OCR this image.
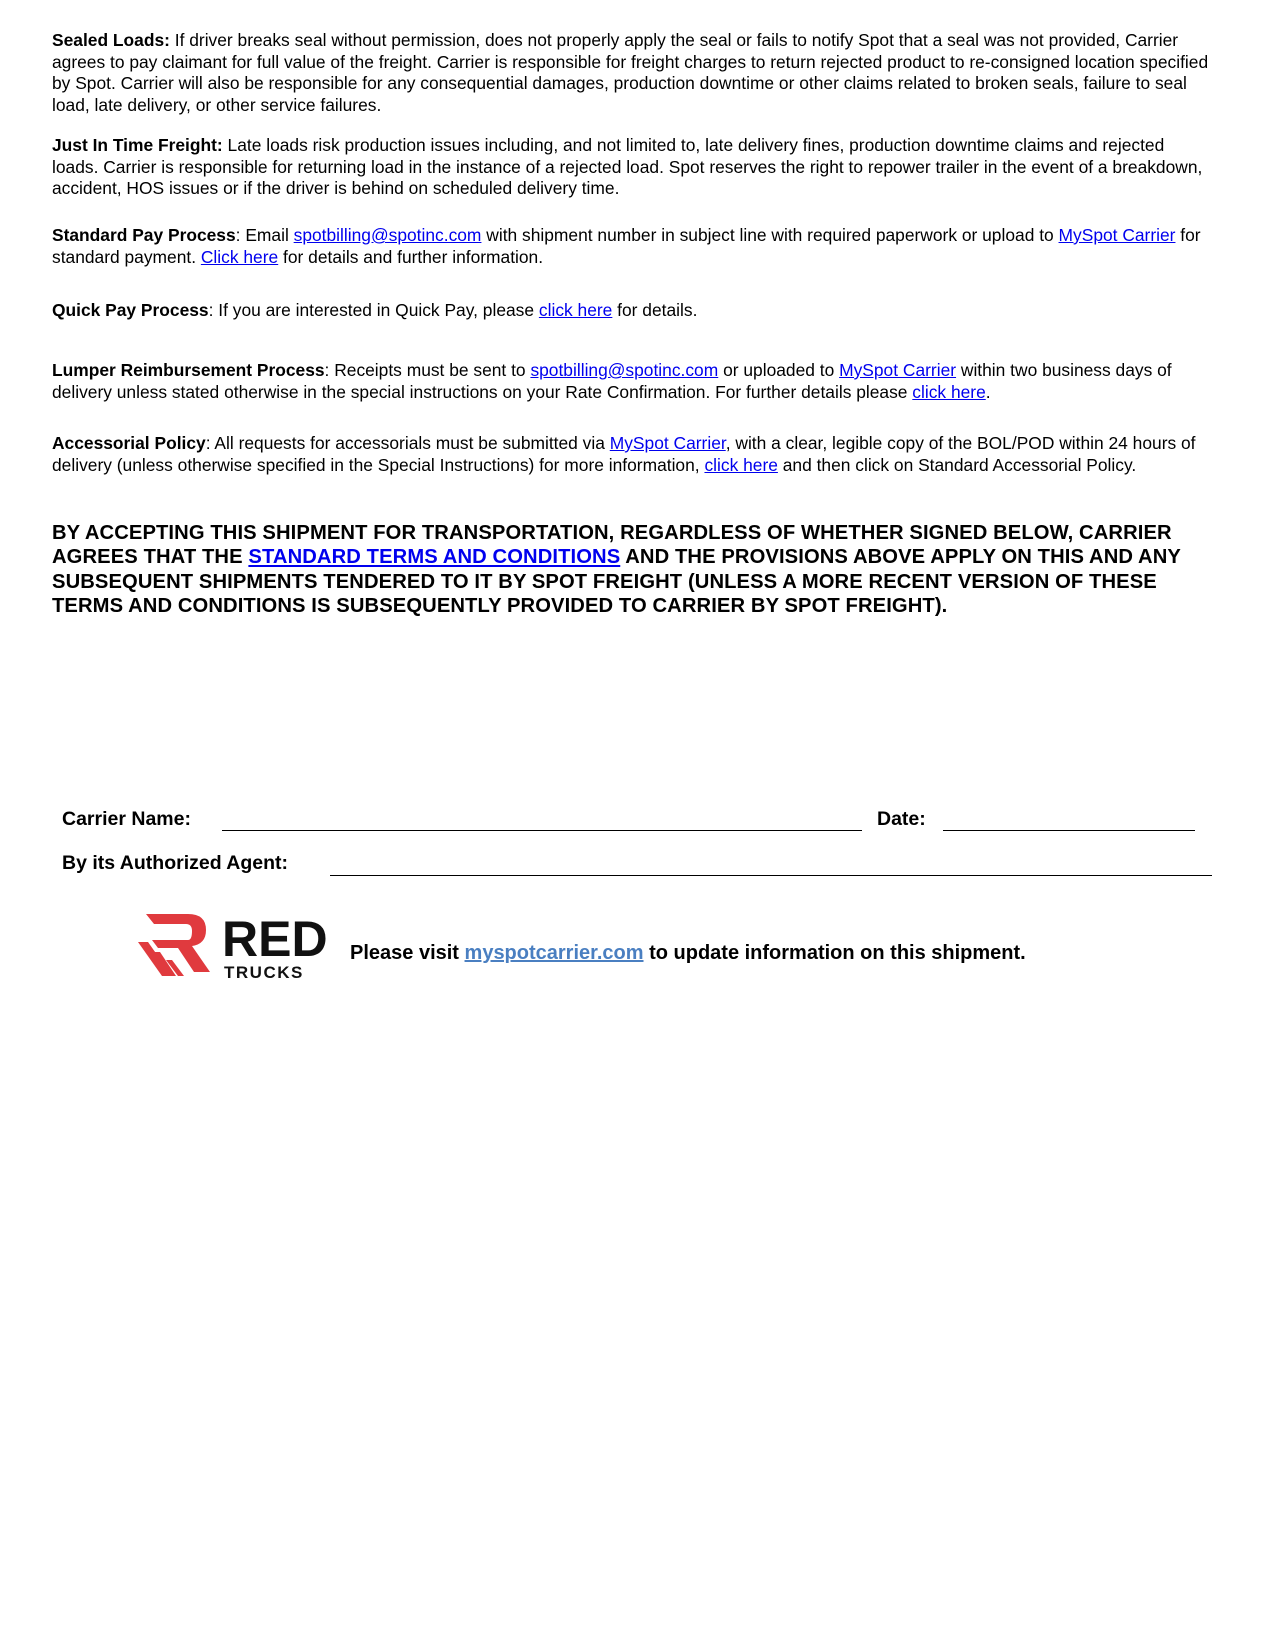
Sealed Loads: If driver breaks seal without permission, does not properly apply the seal or fails to notify Spot that a seal was not provided, Carrier agrees to pay claimant for full value of the freight. Carrier is responsible for freight charges to return rejected product to re-consigned location specified by Spot. Carrier will also be responsible for any consequential damages, production downtime or other claims related to broken seals, failure to seal load, late delivery, or other service failures.

Just In Time Freight: Late loads risk production issues including, and not limited to, late delivery fines, production downtime claims and rejected loads. Carrier is responsible for returning load in the instance of a rejected load. Spot reserves the right to repower trailer in the event of a breakdown, accident, HOS issues or if the driver is behind on scheduled delivery time.

Standard Pay Process: Email spotbilling@spotinc.com with shipment number in subject line with required paperwork or upload to MySpot Carrier for standard payment. Click here for details and further information.

Quick Pay Process: If you are interested in Quick Pay, please click here for details.

Lumper Reimbursement Process: Receipts must be sent to spotbilling@spotinc.com or uploaded to MySpot Carrier within two business days of delivery unless stated otherwise in the special instructions on your Rate Confirmation. For further details please click here.

Accessorial Policy: All requests for accessorials must be submitted via MySpot Carrier, with a clear, legible copy of the BOL/POD within 24 hours of delivery (unless otherwise specified in the Special Instructions) for more information, click here and then click on Standard Accessorial Policy.

BY ACCEPTING THIS SHIPMENT FOR TRANSPORTATION, REGARDLESS OF WHETHER SIGNED BELOW, CARRIER AGREES THAT THE STANDARD TERMS AND CONDITIONS AND THE PROVISIONS ABOVE APPLY ON THIS AND ANY SUBSEQUENT SHIPMENTS TENDERED TO IT BY SPOT FREIGHT (UNLESS A MORE RECENT VERSION OF THESE TERMS AND CONDITIONS IS SUBSEQUENTLY PROVIDED TO CARRIER BY SPOT FREIGHT).

Carrier Name:	Date:
By its Authorized Agent:
RED
TRUCKS
Please visit myspotcarrier.com to update information on this shipment.
